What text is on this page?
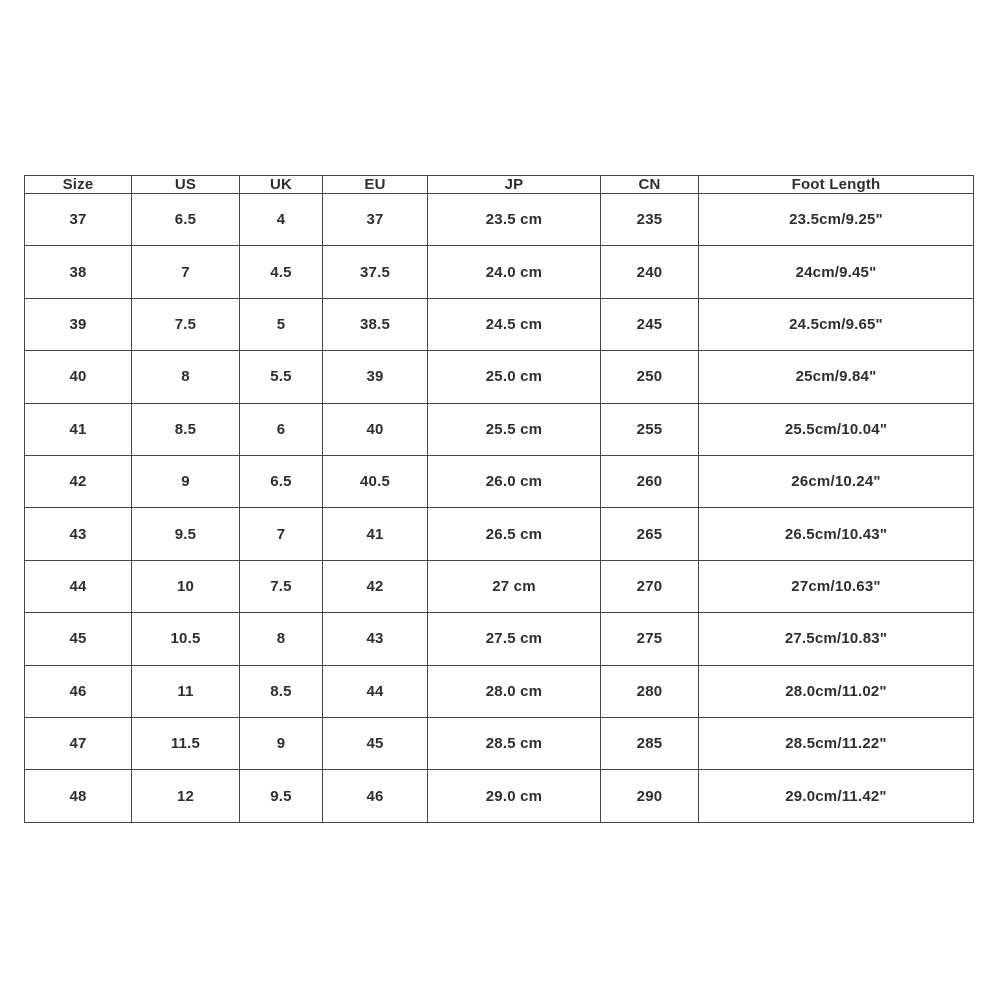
Size	US	UK	EU	JP	CN	Foot Length
37	6.5	4	37	23.5 cm	235	23.5cm/9.25"
38	7	4.5	37.5	24.0 cm	240	24cm/9.45"
39	7.5	5	38.5	24.5 cm	245	24.5cm/9.65"
40	8	5.5	39	25.0 cm	250	25cm/9.84"
41	8.5	6	40	25.5 cm	255	25.5cm/10.04"
42	9	6.5	40.5	26.0 cm	260	26cm/10.24"
43	9.5	7	41	26.5 cm	265	26.5cm/10.43"
44	10	7.5	42	27 cm	270	27cm/10.63"
45	10.5	8	43	27.5 cm	275	27.5cm/10.83"
46	11	8.5	44	28.0 cm	280	28.0cm/11.02"
47	11.5	9	45	28.5 cm	285	28.5cm/11.22"
48	12	9.5	46	29.0 cm	290	29.0cm/11.42"
